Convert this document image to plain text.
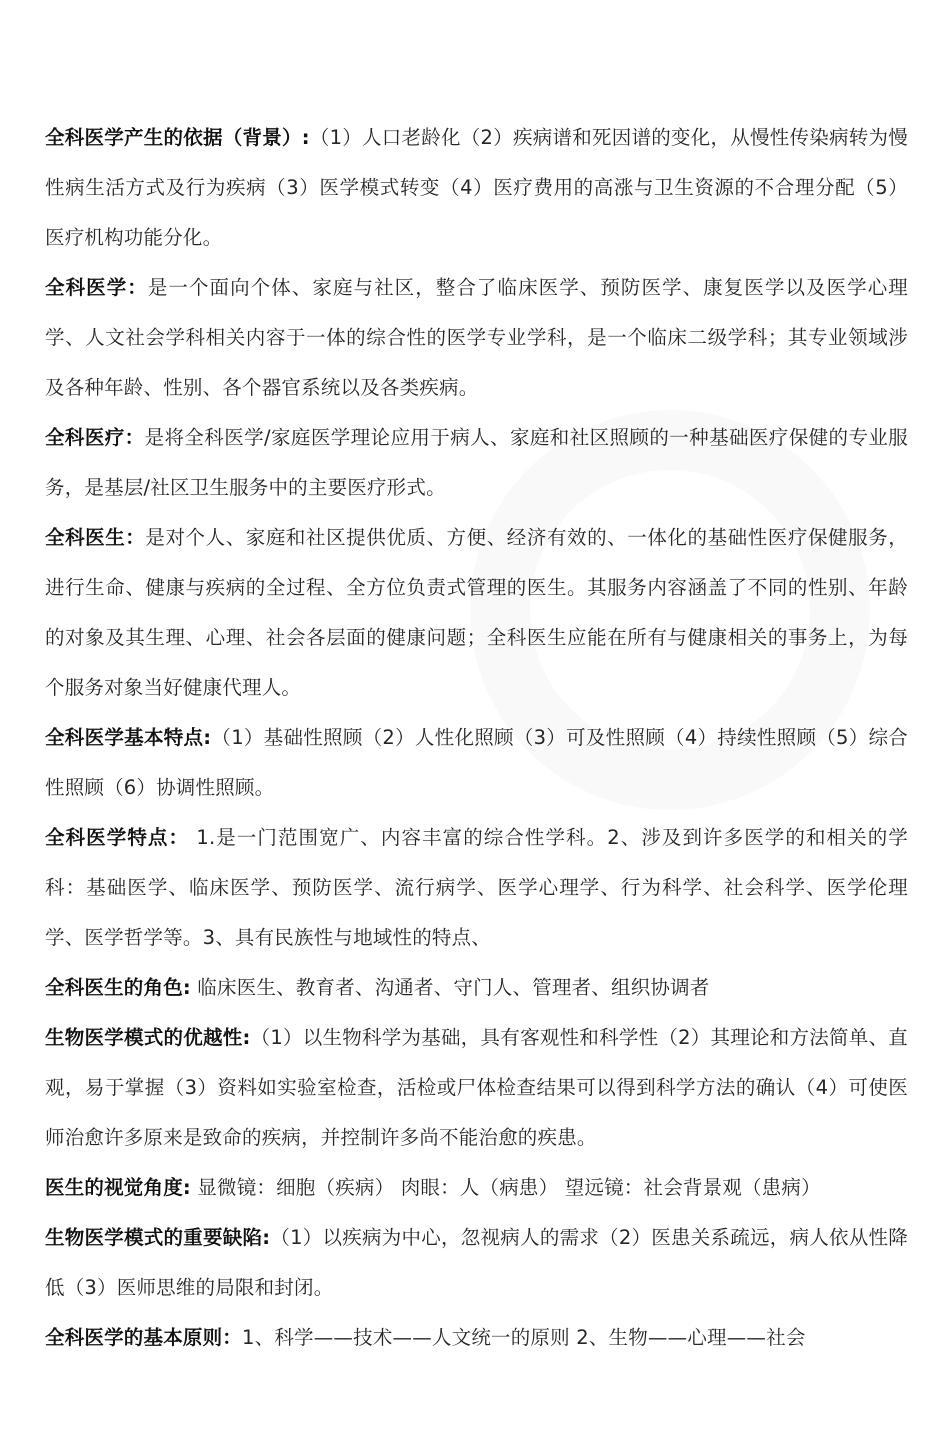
全科医学产生的依据（背景）:（1）人口老龄化（2）疾病谱和死因谱的变化，从慢性传染病转为慢性病生活方式及行为疾病（3）医学模式转变（4）医疗费用的高涨与卫生资源的不合理分配（5）医疗机构功能分化。

全科医学：是一个面向个体、家庭与社区，整合了临床医学、预防医学、康复医学以及医学心理学、人文社会学科相关内容于一体的综合性的医学专业学科，是一个临床二级学科；其专业领域涉及各种年龄、性别、各个器官系统以及各类疾病。

全科医疗：是将全科医学/家庭医学理论应用于病人、家庭和社区照顾的一种基础医疗保健的专业服务，是基层/社区卫生服务中的主要医疗形式。

全科医生：是对个人、家庭和社区提供优质、方便、经济有效的、一体化的基础性医疗保健服务，进行生命、健康与疾病的全过程、全方位负责式管理的医生。其服务内容涵盖了不同的性别、年龄的对象及其生理、心理、社会各层面的健康问题；全科医生应能在所有与健康相关的事务上，为每个服务对象当好健康代理人。

全科医学基本特点:（1）基础性照顾（2）人性化照顾（3）可及性照顾（4）持续性照顾（5）综合性照顾（6）协调性照顾。

全科医学特点： 1.是一门范围宽广、内容丰富的综合性学科。2、涉及到许多医学的和相关的学科：基础医学、临床医学、预防医学、流行病学、医学心理学、行为科学、社会科学、医学伦理学、医学哲学等。3、具有民族性与地域性的特点、

全科医生的角色: 临床医生、教育者、沟通者、守门人、管理者、组织协调者

生物医学模式的优越性:（1）以生物科学为基础，具有客观性和科学性（2）其理论和方法简单、直观，易于掌握（3）资料如实验室检查，活检或尸体检查结果可以得到科学方法的确认（4）可使医师治愈许多原来是致命的疾病，并控制许多尚不能治愈的疾患。

医生的视觉角度: 显微镜：细胞（疾病） 肉眼：人（病患） 望远镜：社会背景观（患病）

生物医学模式的重要缺陷:（1）以疾病为中心，忽视病人的需求（2）医患关系疏远，病人依从性降低（3）医师思维的局限和封闭。

全科医学的基本原则：1、科学——技术——人文统一的原则 2、生物——心理——社会
